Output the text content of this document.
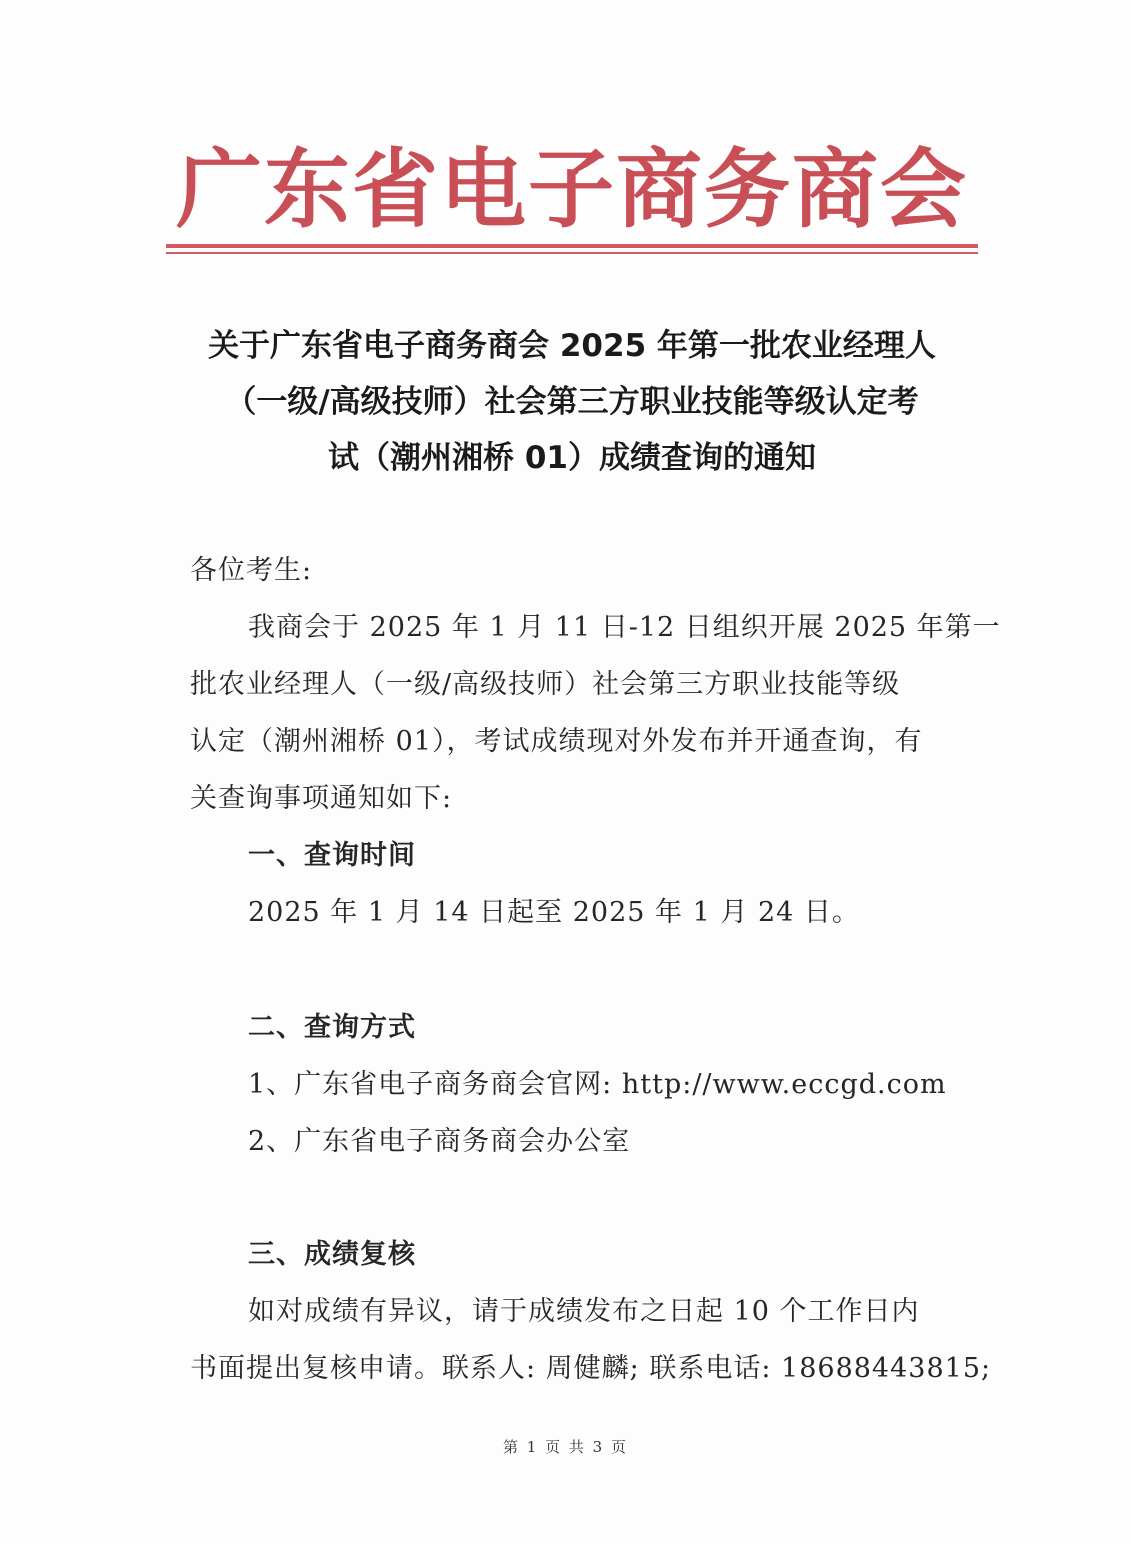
广东省电子商务商会
关于广东省电子商务商会 2025 年第一批农业经理人
（一级/高级技师）社会第三方职业技能等级认定考
试（潮州湘桥 01）成绩查询的通知
各位考生:
我商会于 2025 年 1 月 11 日-12 日组织开展 2025 年第一
批农业经理人（一级/高级技师）社会第三方职业技能等级
认定（潮州湘桥 01），考试成绩现对外发布并开通查询，有
关查询事项通知如下:
一、查询时间
2025 年 1 月 14 日起至 2025 年 1 月 24 日。
二、查询方式
1、广东省电子商务商会官网: http://www.eccgd.com
2、广东省电子商务商会办公室
三、成绩复核
如对成绩有异议，请于成绩发布之日起 10 个工作日内
书面提出复核申请。联系人: 周健麟; 联系电话: 18688443815;
第 1 页 共 3 页
